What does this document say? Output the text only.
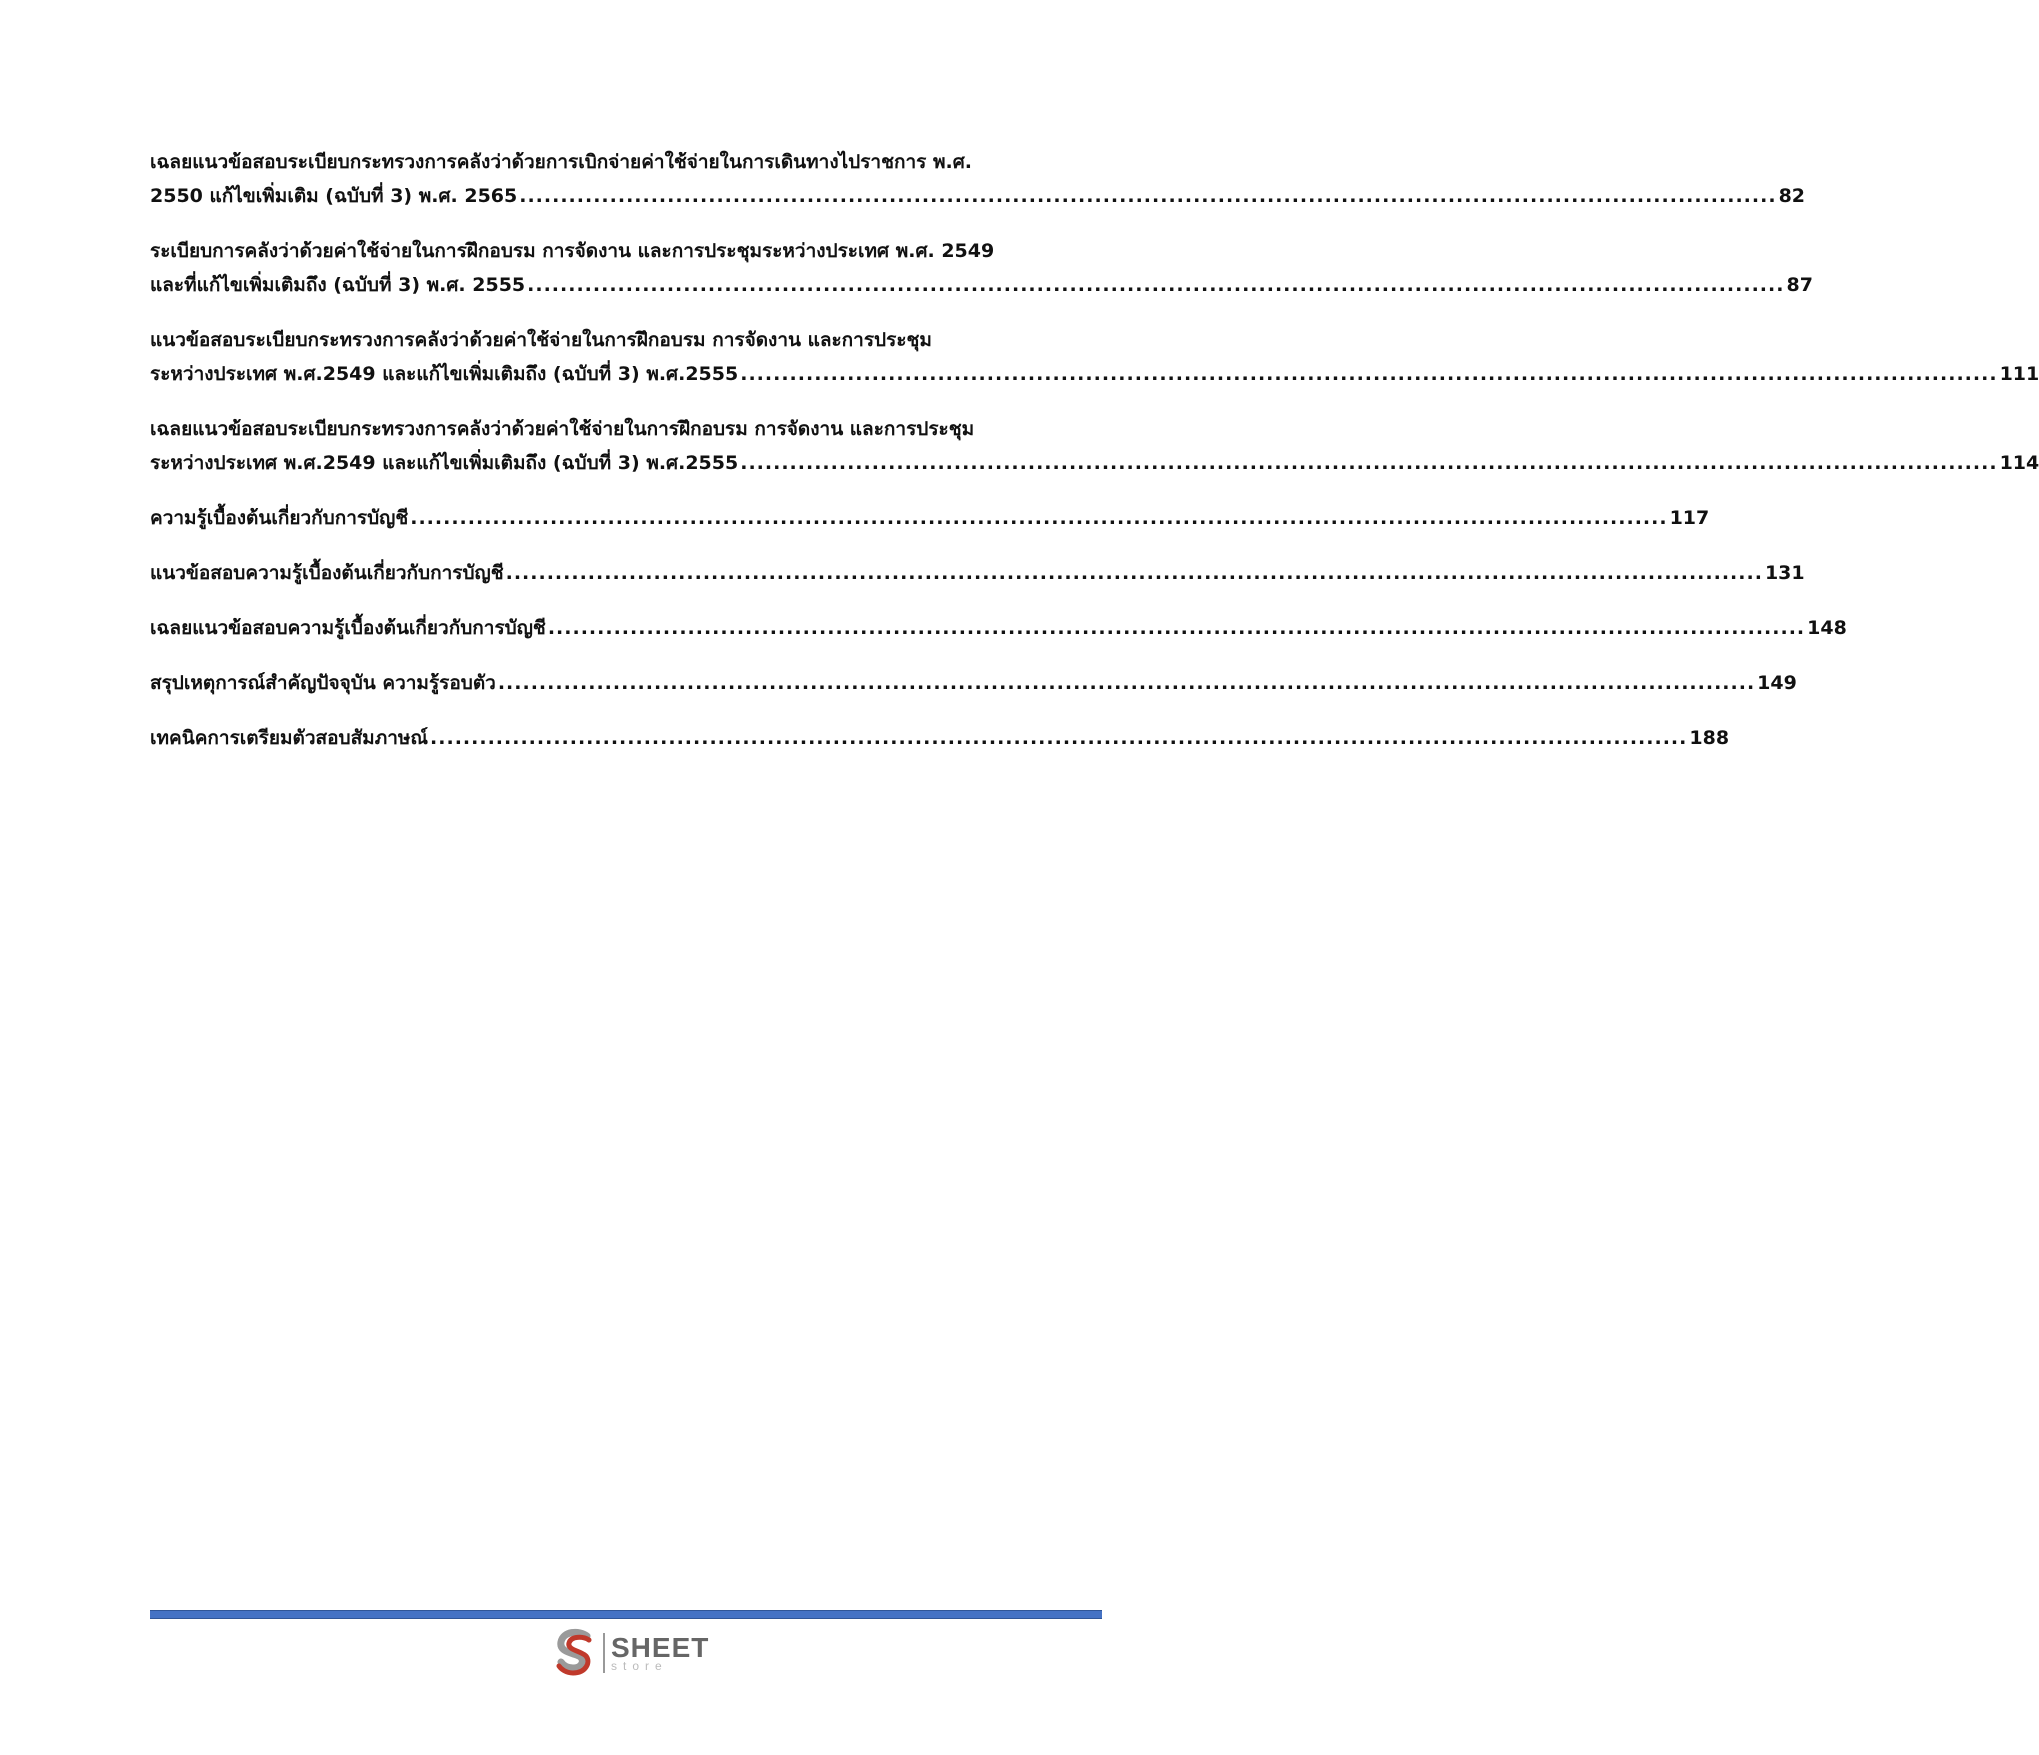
เฉลยแนวข้อสอบระเบียบกระทรวงการคลังว่าด้วยการเบิกจ่ายค่าใช้จ่ายในการเดินทางไปราชการ พ.ศ.
2550 แก้ไขเพิ่มเติม (ฉบับที่ 3) พ.ศ. 2565 ......................................................................................................................................................... 82
ระเบียบการคลังว่าด้วยค่าใช้จ่ายในการฝึกอบรม การจัดงาน และการประชุมระหว่างประเทศ พ.ศ. 2549
และที่แก้ไขเพิ่มเติมถึง (ฉบับที่ 3) พ.ศ. 2555 ......................................................................................................................................................... 87
แนวข้อสอบระเบียบกระทรวงการคลังว่าด้วยค่าใช้จ่ายในการฝึกอบรม การจัดงาน และการประชุม
ระหว่างประเทศ พ.ศ.2549 และแก้ไขเพิ่มเติมถึง (ฉบับที่ 3) พ.ศ.2555 ......................................................................................................................................................... 111
เฉลยแนวข้อสอบระเบียบกระทรวงการคลังว่าด้วยค่าใช้จ่ายในการฝึกอบรม การจัดงาน และการประชุม
ระหว่างประเทศ พ.ศ.2549 และแก้ไขเพิ่มเติมถึง (ฉบับที่ 3) พ.ศ.2555 ......................................................................................................................................................... 114
ความรู้เบื้องต้นเกี่ยวกับการบัญชี ......................................................................................................................................................... 117
แนวข้อสอบความรู้เบื้องต้นเกี่ยวกับการบัญชี ......................................................................................................................................................... 131
เฉลยแนวข้อสอบความรู้เบื้องต้นเกี่ยวกับการบัญชี ......................................................................................................................................................... 148
สรุปเหตุการณ์สำคัญปัจจุบัน ความรู้รอบตัว ......................................................................................................................................................... 149
เทคนิคการเตรียมตัวสอบสัมภาษณ์ ......................................................................................................................................................... 188
SHEET
store
